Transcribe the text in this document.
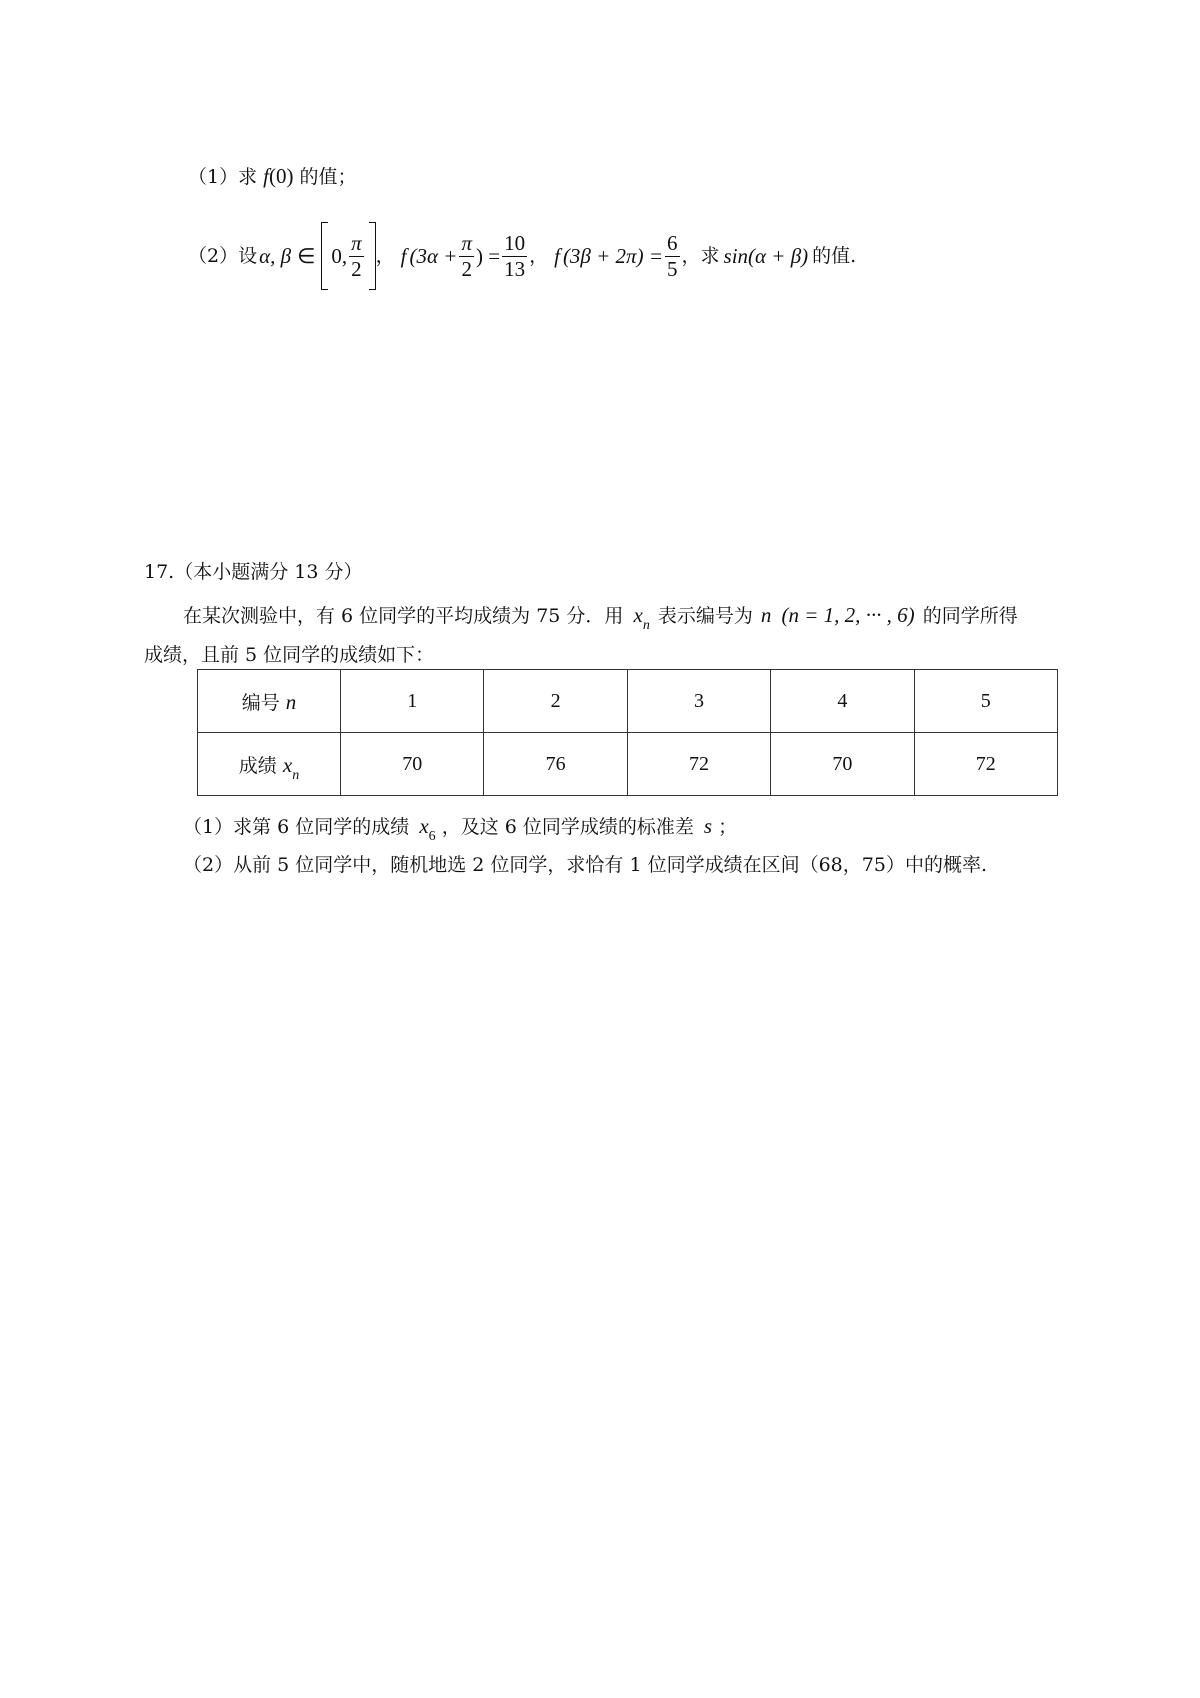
（1）求 f(0) 的值；
（2）设 α, β ∈ 0, $\frac{\pi}{2}$ ， f ($3\alpha + \frac{\pi}{2}$ ) = $\frac{10}{13}$ ， f $(3\beta + 2\pi) = \frac{6}{5}$ ，求 sin(α + β) 的值.
17.（本小题满分 13 分）
在某次测验中，有 6 位同学的平均成绩为 75 分．用 $x_n$ 表示编号为 n (n = 1, 2, ··· , 6) 的同学所得
成绩，且前 5 位同学的成绩如下：
编号 n	1	2	3	4	5
成绩 $x_n$	70	76	72	70	72
（1）求第 6 位同学的成绩 $x_6$ ，及这 6 位同学成绩的标准差 s ；
（2）从前 5 位同学中，随机地选 2 位同学，求恰有 1 位同学成绩在区间（68，75）中的概率.
